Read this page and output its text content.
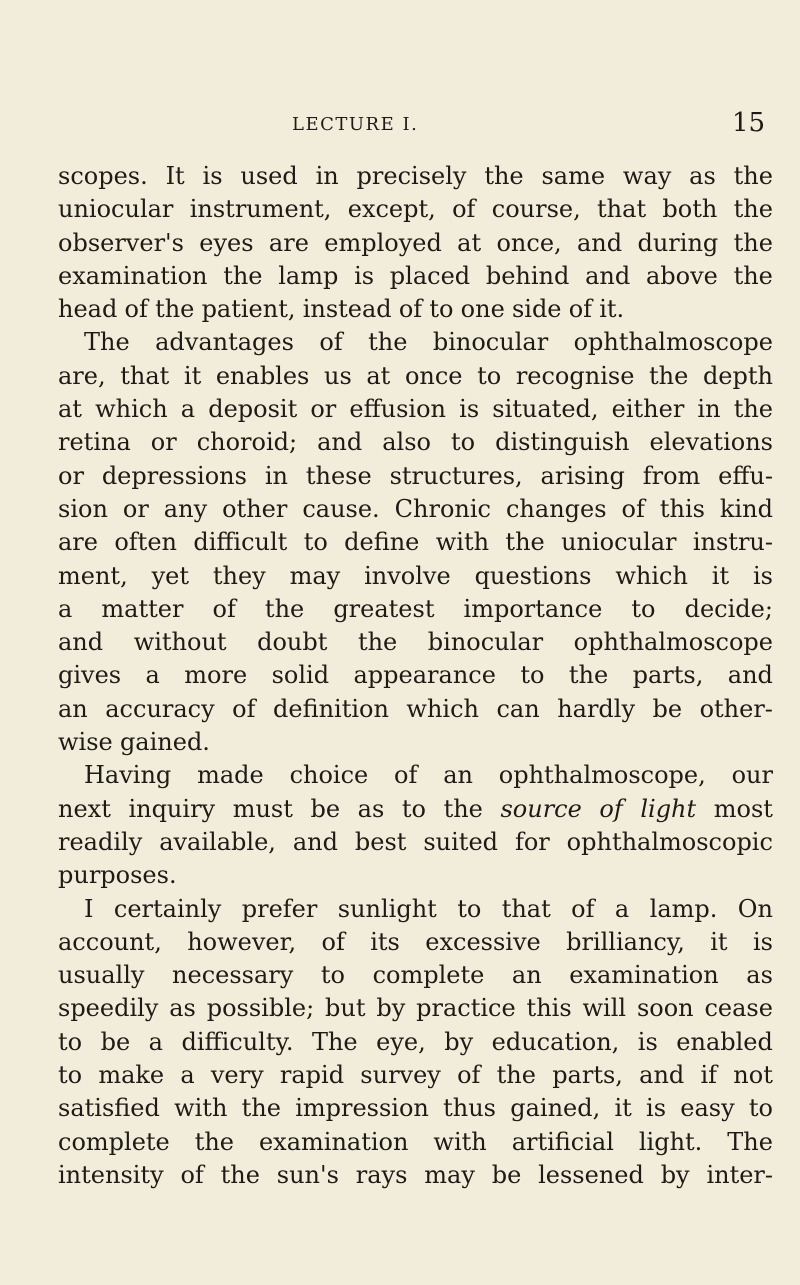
LECTURE I.	15
scopes. It is used in precisely the same way as the
uniocular instrument, except, of course, that both the
observer's eyes are employed at once, and during the
examination the lamp is placed behind and above the
head of the patient, instead of to one side of it.
The advantages of the binocular ophthalmoscope
are, that it enables us at once to recognise the depth
at which a deposit or effusion is situated, either in the
retina or choroid; and also to distinguish elevations
or depressions in these structures, arising from effu-
sion or any other cause. Chronic changes of this kind
are often difficult to define with the uniocular instru-
ment, yet they may involve questions which it is
a matter of the greatest importance to decide;
and without doubt the binocular ophthalmoscope
gives a more solid appearance to the parts, and
an accuracy of definition which can hardly be other-
wise gained.
Having made choice of an ophthalmoscope, our
next inquiry must be as to the source of light most
readily available, and best suited for ophthalmoscopic
purposes.
I certainly prefer sunlight to that of a lamp. On
account, however, of its excessive brilliancy, it is
usually necessary to complete an examination as
speedily as possible; but by practice this will soon cease
to be a difficulty. The eye, by education, is enabled
to make a very rapid survey of the parts, and if not
satisfied with the impression thus gained, it is easy to
complete the examination with artificial light. The
intensity of the sun's rays may be lessened by inter-
